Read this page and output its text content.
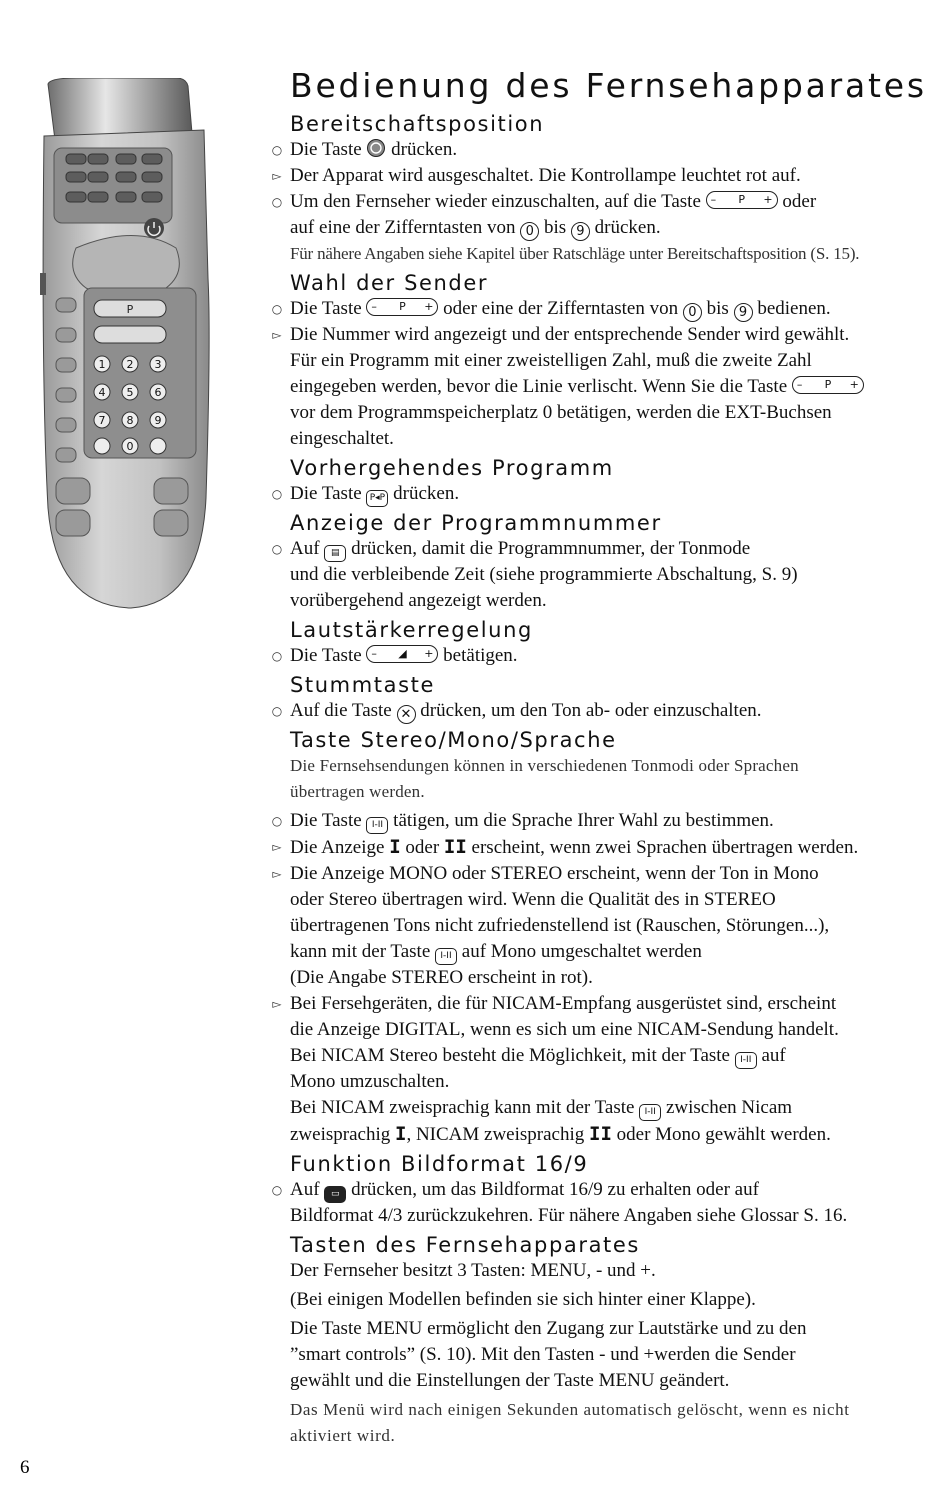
P
1 2 3
4 5 6
7 8 9
0
Bedienung des Fernsehapparates
Bereitschaftsposition
○ Die Taste drücken.
▻ Der Apparat wird ausgeschaltet. Die Kontrollampe leuchtet rot auf.
○ Um den Fernseher wieder einzuschalten, auf die Taste –	P	+ oder
auf eine der Zifferntasten von 0 bis 9 drücken.
Für nähere Angaben siehe Kapitel über Ratschläge unter Bereitschaftsposition (S. 15).
Wahl der Sender
○ Die Taste –	P	+ oder eine der Zifferntasten von 0 bis 9 bedienen.
▻ Die Nummer wird angezeigt und der entsprechende Sender wird gewählt.
Für ein Programm mit einer zweistelligen Zahl, muß die zweite Zahl
eingegeben werden, bevor die Linie verlischt. Wenn Sie die Taste –	P	+
vor dem Programmspeicherplatz 0 betätigen, werden die EXT-Buchsen
eingeschaltet.
Vorhergehendes Programm
○ Die Taste P◂P drücken.
Anzeige der Programmnummer
○ Auf ▤ drücken, damit die Programmnummer, der Tonmode
und die verbleibende Zeit (siehe programmierte Abschaltung, S. 9)
vorübergehend angezeigt werden.
Lautstärkerregelung
○ Die Taste –	◢	+ betätigen.
Stummtaste
○ Auf die Taste ✕ drücken, um den Ton ab- oder einzuschalten.
Taste Stereo/Mono/Sprache
Die Fernsehsendungen können in verschiedenen Tonmodi oder Sprachen
übertragen werden.
○ Die Taste I-II tätigen, um die Sprache Ihrer Wahl zu bestimmen.
▻ Die Anzeige I oder II erscheint, wenn zwei Sprachen übertragen werden.
▻ Die Anzeige MONO oder STEREO erscheint, wenn der Ton in Mono
oder Stereo übertragen wird. Wenn die Qualität des in STEREO
übertragenen Tons nicht zufriedenstellend ist (Rauschen, Störungen...),
kann mit der Taste I-II auf Mono umgeschaltet werden
(Die Angabe STEREO erscheint in rot).
▻ Bei Fersehgeräten, die für NICAM-Empfang ausgerüstet sind, erscheint
die Anzeige DIGITAL, wenn es sich um eine NICAM-Sendung handelt.
Bei NICAM Stereo besteht die Möglichkeit, mit der Taste I-II auf
Mono umzuschalten.
Bei NICAM zweisprachig kann mit der Taste I-II zwischen Nicam
zweisprachig I, NICAM zweisprachig II oder Mono gewählt werden.
Funktion Bildformat 16/9
○ Auf ▭ drücken, um das Bildformat 16/9 zu erhalten oder auf
Bildformat 4/3 zurückzukehren. Für nähere Angaben siehe Glossar S. 16.
Tasten des Fernsehapparates
Der Fernseher besitzt 3 Tasten: MENU, - und +.
(Bei einigen Modellen befinden sie sich hinter einer Klappe).
Die Taste MENU ermöglicht den Zugang zur Lautstärke und zu den
”smart controls” (S. 10). Mit den Tasten - und +werden die Sender
gewählt und die Einstellungen der Taste MENU geändert.
Das Menü wird nach einigen Sekunden automatisch gelöscht, wenn es nicht
aktiviert wird.
6
